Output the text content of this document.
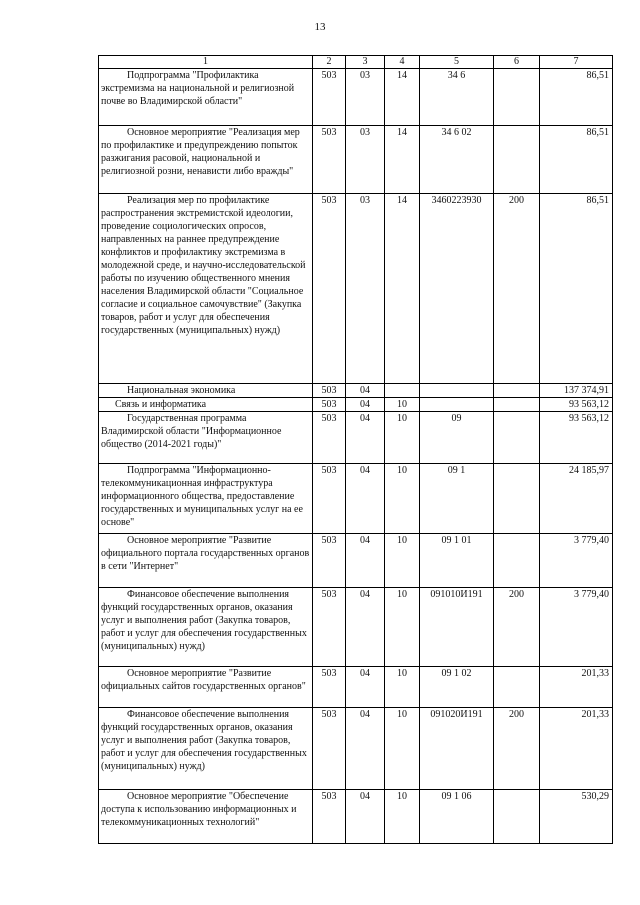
13
1	2	3	4	5	6	7
Подпрограмма "Профилактика экстремизма на национальной и религиозной почве во Владимирской области"	503	03	14	34 6		86,51
Основное мероприятие "Реализация мер по профилактике и предупреждению попыток разжигания расовой, национальной и религиозной розни, ненависти либо вражды"	503	03	14	34 6 02		86,51
Реализация мер по профилактике распространения экстремистской идеологии, проведение социологических опросов, направленных на раннее предупреждение конфликтов и профилактику экстремизма в молодежной среде, и научно-исследовательской работы по изучению общественного мнения населения Владимирской области "Социальное согласие и социальное самочувствие" (Закупка товаров, работ и услуг для обеспечения государственных (муниципальных) нужд)	503	03	14	3460223930	200	86,51
Национальная экономика	503	04				137 374,91
Связь и информатика	503	04	10			93 563,12
Государственная программа Владимирской области "Информационное общество (2014-2021 годы)"	503	04	10	09		93 563,12
Подпрограмма "Информационно-телекоммуникационная инфраструктура информационного общества, предоставление государственных и муниципальных услуг на ее основе"	503	04	10	09 1		24 185,97
Основное мероприятие "Развитие официального портала государственных органов в сети "Интернет"	503	04	10	09 1 01		3 779,40
Финансовое обеспечение выполнения функций государственных органов, оказания услуг и выполнения работ (Закупка товаров, работ и услуг для обеспечения государственных (муниципальных) нужд)	503	04	10	091010И191	200	3 779,40
Основное мероприятие "Развитие официальных сайтов государственных органов"	503	04	10	09 1 02		201,33
Финансовое обеспечение выполнения функций государственных органов, оказания услуг и выполнения работ (Закупка товаров, работ и услуг для обеспечения государственных (муниципальных) нужд)	503	04	10	091020И191	200	201,33
Основное мероприятие "Обеспечение доступа к использованию информационных и телекоммуникационных технологий"	503	04	10	09 1 06		530,29
